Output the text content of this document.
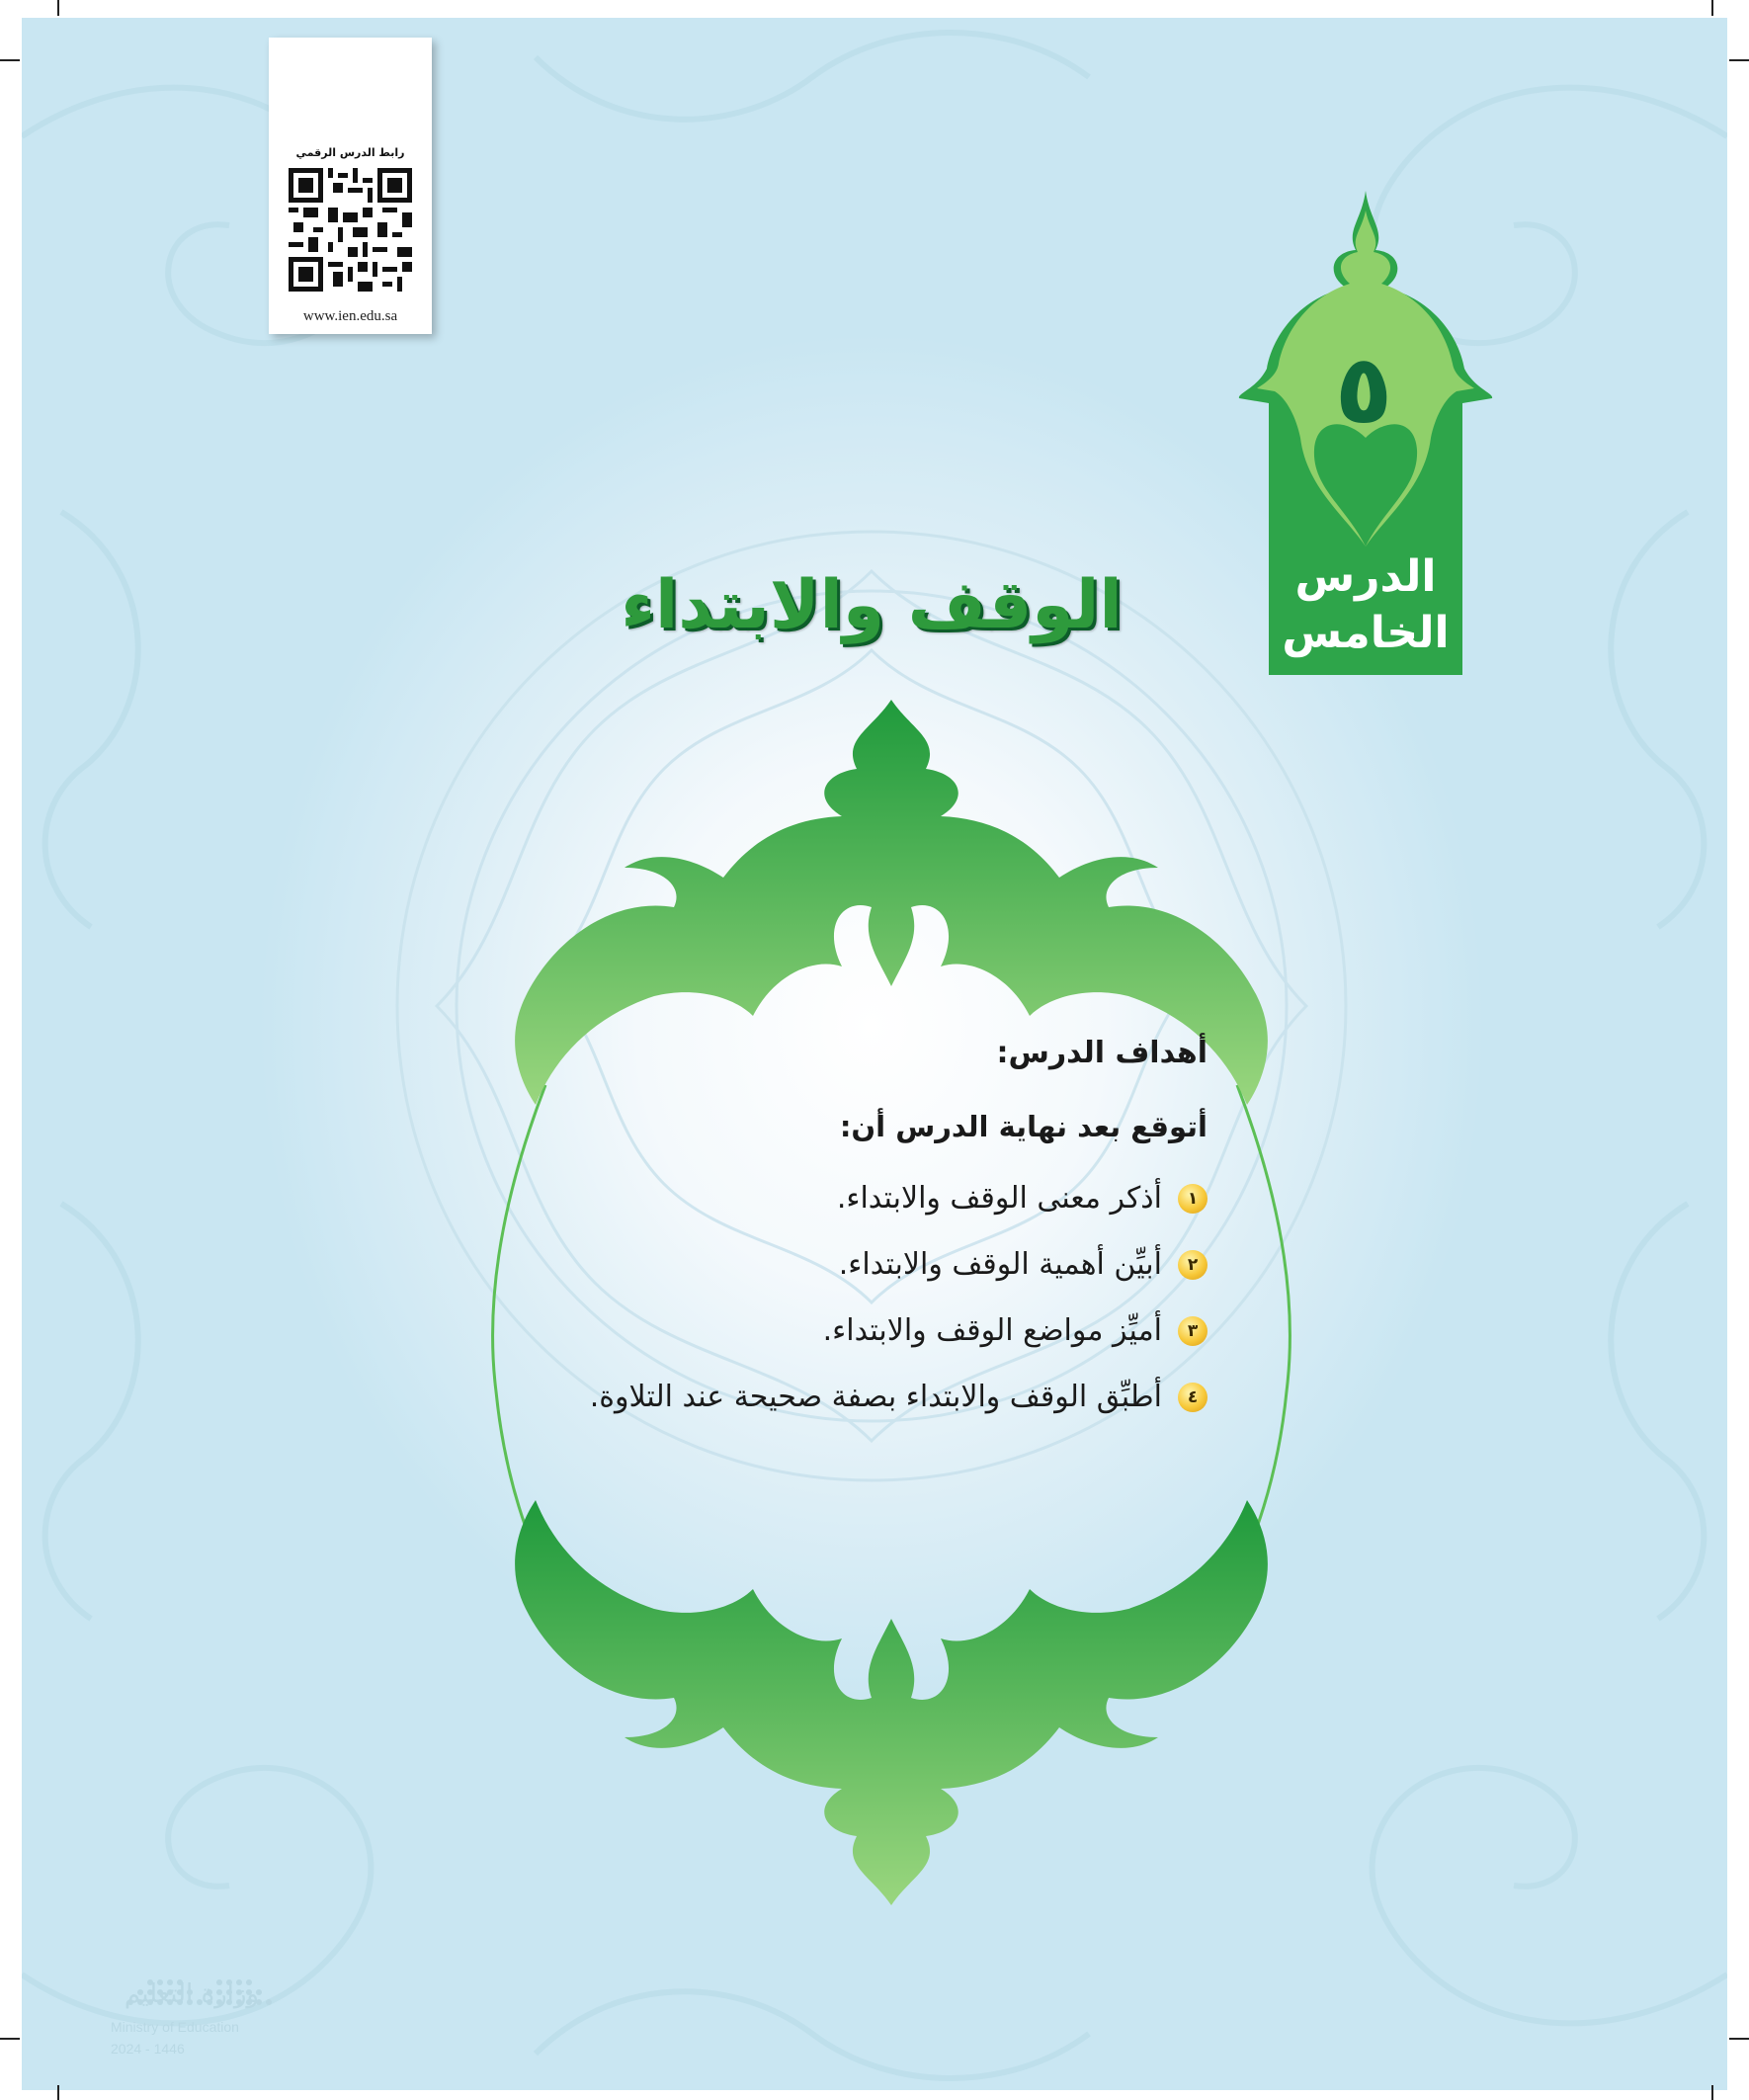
رابط الدرس الرقمي
www.ien.edu.sa
٥
الدرس
الخامس
الوقف والابتداء
أهداف الدرس:
أتوقع بعد نهاية الدرس أن:
١
أذكر معنى الوقف والابتداء.
٢
أبيِّن أهمية الوقف والابتداء.
٣
أميِّز مواضع الوقف والابتداء.
٤
أطبِّق الوقف والابتداء بصفة صحيحة عند التلاوة.
وزارة التعليم
Ministry of Education
2024 - 1446
